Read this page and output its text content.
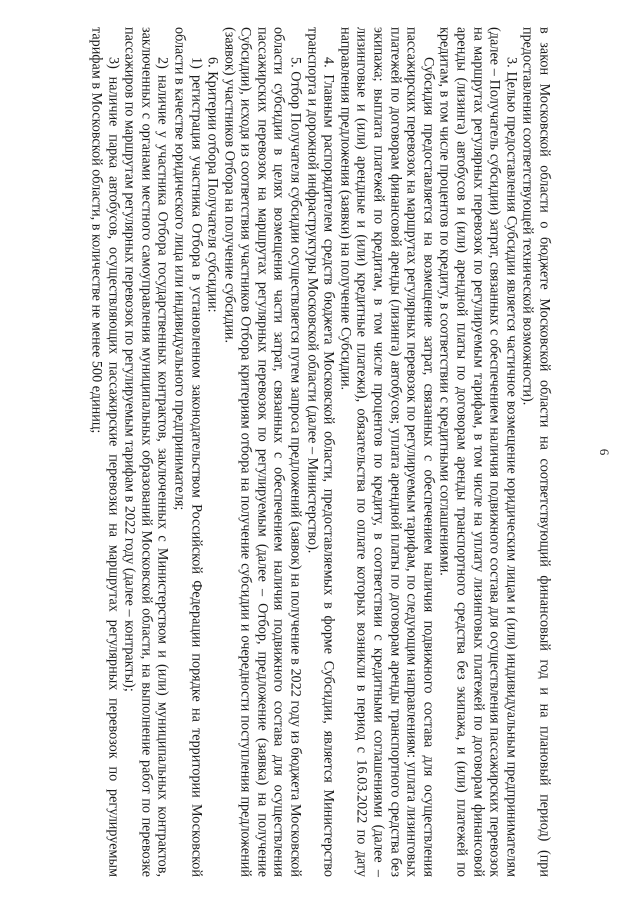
6

в закон Московской области о бюджете Московской области на соответствующий финансовый год и на плановый период) (при предоставлении соответствующей технической возможности).

3. Целью предоставления Субсидии является частичное возмещение юридическим лицам и (или) индивидуальным предпринимателям (далее – Получатель субсидии) затрат, связанных с обеспечением наличия подвижного состава для осуществления пассажирских перевозок на маршрутах регулярных перевозок по регулируемым тарифам, в том числе на уплату лизинговых платежей по договорам финансовой аренды (лизинга) автобусов и (или) арендной платы по договорам аренды транспортного средства без экипажа, и (или) платежей по кредитам, в том числе процентов по кредиту, в соответствии с кредитными соглашениями.

Субсидия предоставляется на возмещение затрат, связанных с обеспечением наличия подвижного состава для осуществления пассажирских перевозок на маршрутах регулярных перевозок по регулируемым тарифам, по следующим направлениям: уплата лизинговых платежей по договорам финансовой аренды (лизинга) автобусов; уплата арендной платы по договорам аренды транспортного средства без экипажа; выплата платежей по кредитам, в том числе процентов по кредиту, в соответствии с кредитными соглашениями (далее – лизинговые и (или) арендные и (или) кредитные платежи), обязательства по оплате которых возникли в период с 16.03.2022 по дату направления предложения (заявки) на получение Субсидии.

4. Главным распорядителем средств бюджета Московской области, предоставляемых в форме Субсидии, является Министерство транспорта и дорожной инфраструктуры Московской области (далее – Министерство).

5. Отбор Получателя субсидии осуществляется путем запроса предложений (заявок) на получение в 2022 году из бюджета Московской области субсидии в целях возмещения части затрат, связанных с обеспечением наличия подвижного состава для осуществления пассажирских перевозок на маршрутах регулярных перевозок по регулируемым (далее – Отбор, предложение (заявка) на получение Субсидии), исходя из соответствия участников Отбора критериям отбора на получение субсидии и очередности поступления предложений (заявок) участников Отбора на получение субсидии.

6. Критерии отбора Получателя субсидии:

1) регистрация участника Отбора в установленном законодательством Российской Федерации порядке на территории Московской области в качестве юридического лица или индивидуального предпринимателя;

2) наличие у участника Отбора государственных контрактов, заключенных с Министерством и (или) муниципальных контрактов, заключенных с органами местного самоуправления муниципальных образований Московской области, на выполнение работ по перевозке пассажиров по маршрутам регулярных перевозок по регулируемым тарифам в 2022 году (далее – контракты);

3) наличие парка автобусов, осуществляющих пассажирские перевозки на маршрутах регулярных перевозок по регулируемым тарифам в Московской области, в количестве не менее 500 единиц;
